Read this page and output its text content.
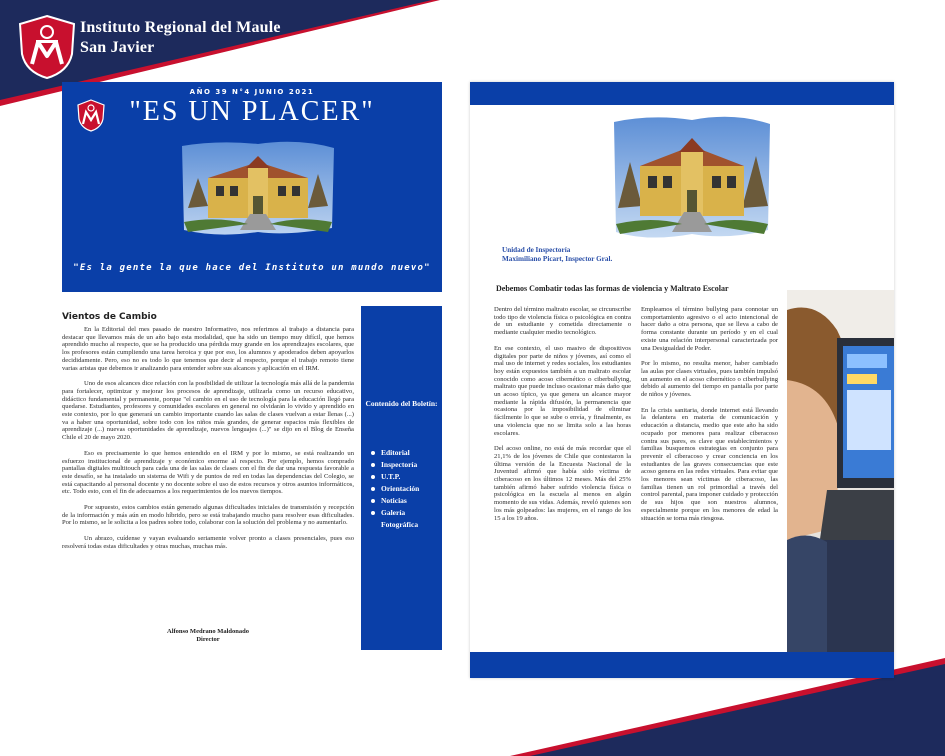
Instituto Regional del Maule
San Javier
AÑO 39 N°4 JUNIO 2021
"ES UN PLACER"
"Es la gente la que hace del Instituto un mundo nuevo"
Vientos de Cambio

En la Editorial del mes pasado de nuestro Informativo, nos referimos al trabajo a distancia para destacar que llevamos más de un año bajo esta modalidad, que ha sido un tiempo muy difícil, que hemos aprendido mucho al respecto, que se ha producido una pérdida muy grande en los aprendizajes escolares, que los profesores están cumpliendo una tarea heroica y que por eso, los alumnos y apoderados deben apoyarlos decididamente. Pero, eso no es todo lo que tenemos que decir al respecto, porque el trabajo remoto tiene varias aristas que debemos ir analizando para entender sobre sus alcances y aplicación en el IRM.

Uno de esos alcances dice relación con la posibilidad de utilizar la tecnología más allá de la pandemia para fortalecer, optimizar y mejorar los procesos de aprendizaje, utilizarla como un recurso educativo, didáctico fundamental y permanente, porque "el cambio en el uso de tecnología para la educación llegó para quedarse. Estudiantes, profesores y comunidades escolares en general no olvidarán lo vivido y aprendido en este contexto, por lo que generará un cambio importante cuando las salas de clases vuelvan a estar llenas (...) va a haber una oportunidad, sobre todo con los niños más grandes, de generar espacios más flexibles de aprendizaje (...) nuevas oportunidades de aprendizaje, nuevos lenguajes (...)" se dijo en el Blog de Enseña Chile el 20 de mayo 2020.

Eso es precisamente lo que hemos entendido en el IRM y por lo mismo, se está realizando un esfuerzo institucional de aprendizaje y económico enorme al respecto. Por ejemplo, hemos comprado pantallas digitales multitouch para cada una de las salas de clases con el fin de dar una respuesta favorable a este desafío, se ha instalado un sistema de Wifi y de puntos de red en todas las dependencias del Colegio, se está capacitando al personal docente y no docente sobre el uso de estos recursos y otros asuntos informáticos, etc. Todo esto, con el fin de adecuarnos a los requerimientos de los nuevos tiempos.

Por supuesto, estos cambios están generado algunas dificultades iniciales de transmisión y recepción de la información y más aún en modo híbrido, pero se está trabajando mucho para resolver esas dificultades. Por lo mismo, se le solicita a los padres sobre todo, colaborar con la solución del problema y no aumentarlo.

Un abrazo, cuídense y vayan evaluando seriamente volver pronto a clases presenciales, pues eso resolverá todas estas dificultades y otras muchas, muchas más.

Alfonso Medrano Maldonado
Director
Contenido del Boletín:
Editorial
Inspectoría
U.T.P.
Orientación
Noticias
Galería Fotográfica
Unidad de Inspectoría
Maximiliano Picart, Inspector Gral.
Debemos Combatir todas las formas de violencia y Maltrato Escolar

Dentro del término maltrato escolar, se circunscribe todo tipo de violencia física o psicológica en contra de un estudiante y cometida directamente o mediante cualquier medio tecnológico.

En ese contexto, el uso masivo de dispositivos digitales por parte de niños y jóvenes, así como el mal uso de internet y redes sociales, los estudiantes hoy están expuestos también a un maltrato escolar conocido como acoso cibernético o ciberbullying, maltrato que puede incluso ocasionar más daño que un acoso típico, ya que genera un alcance mayor mediante la rápida difusión, la permanencia que ocasiona por la imposibilidad de eliminar fácilmente lo que se sube o envía, y finalmente, es una violencia que no se limita solo a las horas escolares.

Del acoso online, no está de más recordar que el 21,1% de los jóvenes de Chile que contestaron la última versión de la Encuesta Nacional de la Juventud afirmó que había sido víctima de ciberacoso en los últimos 12 meses. Más del 25% también afirmó haber sufrido violencia física o psicológica en la escuela al menos en algún momento de sus vidas. Además, reveló quienes son los más golpeados: las mujeres, en el rango de los 15 a los 19 años.

Empleamos el término bullying para connotar un comportamiento agresivo o el acto intencional de hacer daño a otra persona, que se lleva a cabo de forma constante durante un período y en el cual existe una relación interpersonal caracterizada por una Desigualdad de Poder.

Por lo mismo, no resulta menor, haber cambiado las aulas por clases virtuales, pues también impulsó un aumento en el acoso cibernético o ciberbullying debido al aumento del tiempo en pantalla por parte de niños y jóvenes.

En la crisis sanitaria, donde internet está llevando la delantera en materia de comunicación y educación a distancia, medio que este año ha sido ocupado por menores para realizar ciberacoso contra sus pares, es clave que establecimientos y familias busquemos estrategias en conjunto para prevenir el ciberacoso y crear conciencia en los estudiantes de las graves consecuencias que este acoso genera en las redes virtuales. Para evitar que los menores sean víctimas de ciberacoso, las familias tienen un rol primordial a través del control parental, para imponer cuidado y protección de sus hijos que son nuestros alumnos, especialmente porque en los menores de edad la situación se torna más riesgosa.
